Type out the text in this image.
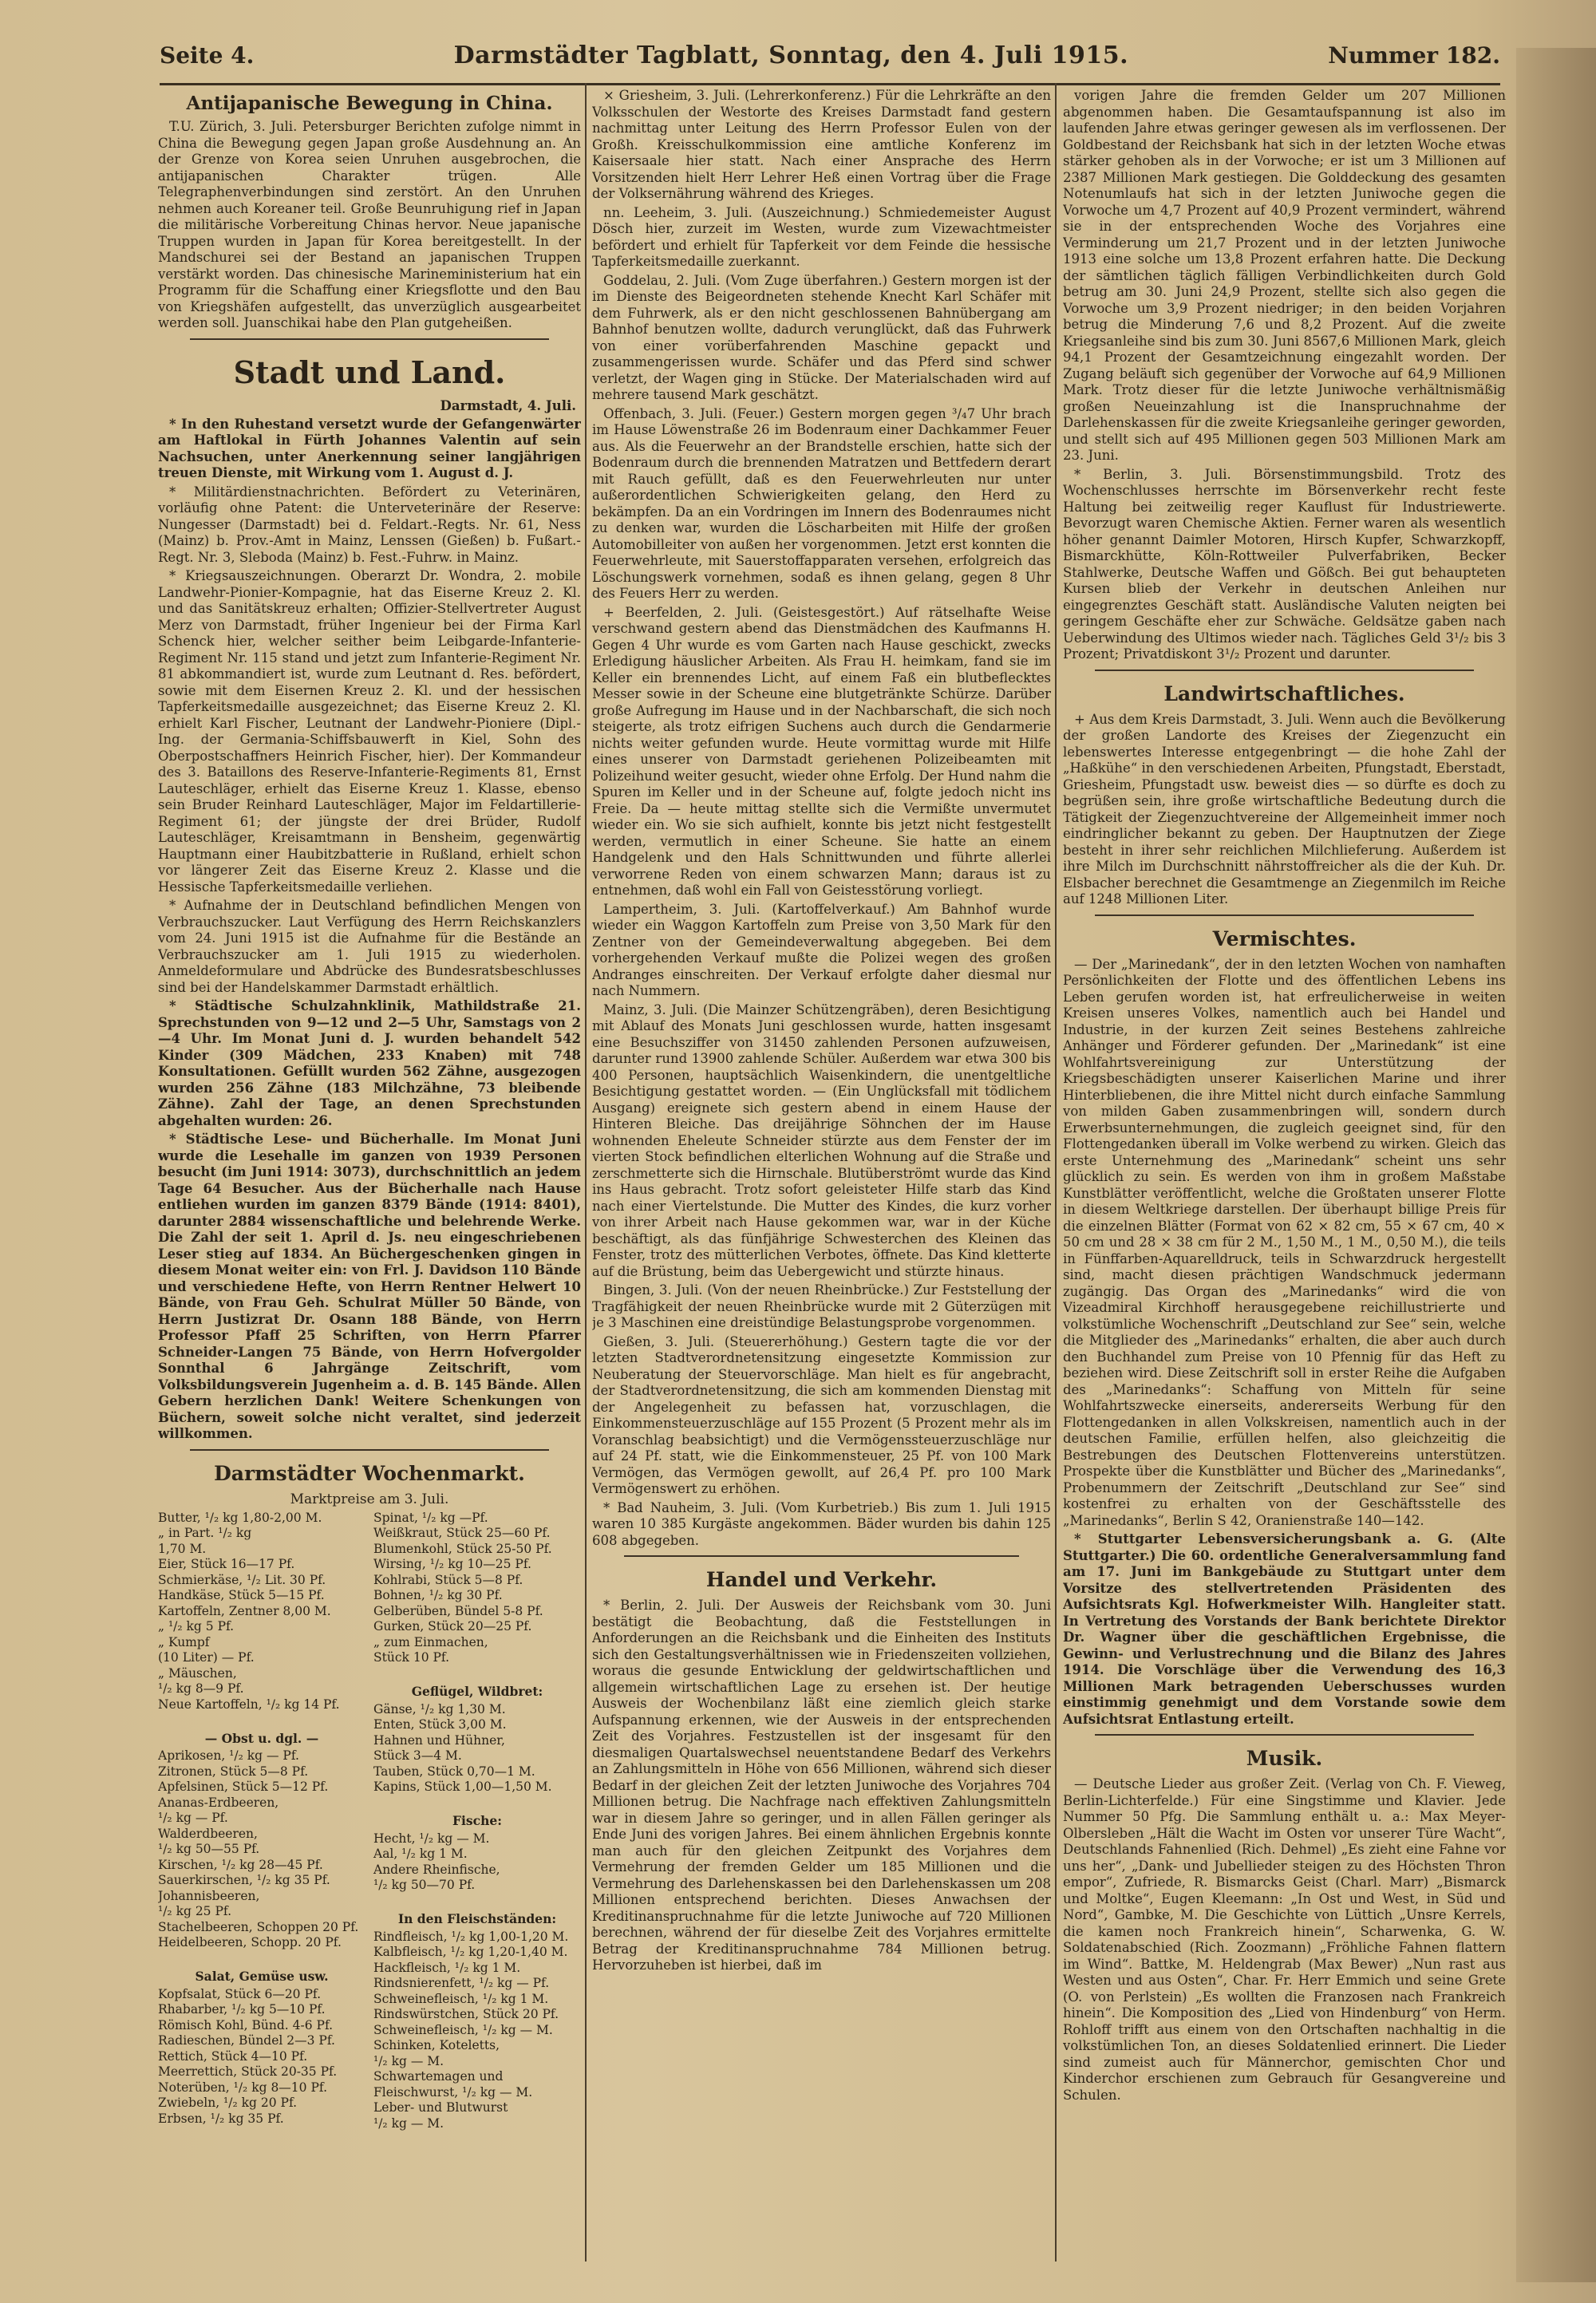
Seite 4.	Darmstädter Tagblatt, Sonntag, den 4. Juli 1915.	Nummer 182.
Antijapanische Bewegung in China.

T.U. Zürich, 3. Juli. Petersburger Berichten zufolge nimmt in China die Bewegung gegen Japan große Ausdehnung an. An der Grenze von Korea seien Unruhen ausgebrochen, die antijapanischen Charakter trügen. Alle Telegraphenverbindungen sind zerstört. An den Unruhen nehmen auch Koreaner teil. Große Beunruhigung rief in Japan die militärische Vorbereitung Chinas hervor. Neue japanische Truppen wurden in Japan für Korea bereitgestellt. In der Mandschurei sei der Bestand an japanischen Truppen verstärkt worden. Das chinesische Marineministerium hat ein Programm für die Schaffung einer Kriegsflotte und den Bau von Kriegshäfen aufgestellt, das unverzüglich ausgearbeitet werden soll. Juanschikai habe den Plan gutgeheißen.

Stadt und Land.
Darmstadt, 4. Juli.

* In den Ruhestand versetzt wurde der Gefangenwärter am Haftlokal in Fürth Johannes Valentin auf sein Nachsuchen, unter Anerkennung seiner langjährigen treuen Dienste, mit Wirkung vom 1. August d. J.

* Militärdienstnachrichten. Befördert zu Veterinären, vorläufig ohne Patent: die Unterveterinäre der Reserve: Nungesser (Darmstadt) bei d. Feldart.-Regts. Nr. 61, Ness (Mainz) b. Prov.-Amt in Mainz, Lenssen (Gießen) b. Fußart.-Regt. Nr. 3, Sleboda (Mainz) b. Fest.-Fuhrw. in Mainz.

* Kriegsauszeichnungen. Oberarzt Dr. Wondra, 2. mobile Landwehr-Pionier-Kompagnie, hat das Eiserne Kreuz 2. Kl. und das Sanitätskreuz erhalten; Offizier-Stellvertreter August Merz von Darmstadt, früher Ingenieur bei der Firma Karl Schenck hier, welcher seither beim Leibgarde-Infanterie-Regiment Nr. 115 stand und jetzt zum Infanterie-Regiment Nr. 81 abkommandiert ist, wurde zum Leutnant d. Res. befördert, sowie mit dem Eisernen Kreuz 2. Kl. und der hessischen Tapferkeitsmedaille ausgezeichnet; das Eiserne Kreuz 2. Kl. erhielt Karl Fischer, Leutnant der Landwehr-Pioniere (Dipl.-Ing. der Germania-Schiffsbauwerft in Kiel, Sohn des Oberpostschaffners Heinrich Fischer, hier). Der Kommandeur des 3. Bataillons des Reserve-Infanterie-Regiments 81, Ernst Lauteschläger, erhielt das Eiserne Kreuz 1. Klasse, ebenso sein Bruder Reinhard Lauteschläger, Major im Feldartillerie-Regiment 61; der jüngste der drei Brüder, Rudolf Lauteschläger, Kreisamtmann in Bensheim, gegenwärtig Hauptmann einer Haubitzbatterie in Rußland, erhielt schon vor längerer Zeit das Eiserne Kreuz 2. Klasse und die Hessische Tapferkeitsmedaille verliehen.

* Aufnahme der in Deutschland befindlichen Mengen von Verbrauchszucker. Laut Verfügung des Herrn Reichskanzlers vom 24. Juni 1915 ist die Aufnahme für die Bestände an Verbrauchszucker am 1. Juli 1915 zu wiederholen. Anmeldeformulare und Abdrücke des Bundesratsbeschlusses sind bei der Handelskammer Darmstadt erhältlich.

* Städtische Schulzahnklinik, Mathildstraße 21. Sprechstunden von 9—12 und 2—5 Uhr, Samstags von 2—4 Uhr. Im Monat Juni d. J. wurden behandelt 542 Kinder (309 Mädchen, 233 Knaben) mit 748 Konsultationen. Gefüllt wurden 562 Zähne, ausgezogen wurden 256 Zähne (183 Milchzähne, 73 bleibende Zähne). Zahl der Tage, an denen Sprechstunden abgehalten wurden: 26.

* Städtische Lese- und Bücherhalle. Im Monat Juni wurde die Lesehalle im ganzen von 1939 Personen besucht (im Juni 1914: 3073), durchschnittlich an jedem Tage 64 Besucher. Aus der Bücherhalle nach Hause entliehen wurden im ganzen 8379 Bände (1914: 8401), darunter 2884 wissenschaftliche und belehrende Werke. Die Zahl der seit 1. April d. Js. neu eingeschriebenen Leser stieg auf 1834. An Büchergeschenken gingen in diesem Monat weiter ein: von Frl. J. Davidson 110 Bände und verschiedene Hefte, von Herrn Rentner Helwert 10 Bände, von Frau Geh. Schulrat Müller 50 Bände, von Herrn Justizrat Dr. Osann 188 Bände, von Herrn Professor Pfaff 25 Schriften, von Herrn Pfarrer Schneider-Langen 75 Bände, von Herrn Hofvergolder Sonnthal 6 Jahrgänge Zeitschrift, vom Volksbildungsverein Jugenheim a. d. B. 145 Bände. Allen Gebern herzlichen Dank! Weitere Schenkungen von Büchern, soweit solche nicht veraltet, sind jederzeit willkommen.

Darmstädter Wochenmarkt.
Marktpreise am 3. Juli.
Butter, ¹/₂ kg 1,80-2,00 M.
„ in Part. ¹/₂ kg
1,70 M.
Eier, Stück 16—17 Pf.
Schmierkäse, ¹/₂ Lit. 30 Pf.
Handkäse, Stück 5—15 Pf.
Kartoffeln, Zentner 8,00 M.
„ ¹/₂ kg 5 Pf.
„ Kumpf
(10 Liter) — Pf.
„ Mäuschen,
¹/₂ kg 8—9 Pf.
Neue Kartoffeln, ¹/₂ kg 14 Pf.

— Obst u. dgl. —
Aprikosen, ¹/₂ kg — Pf.
Zitronen, Stück 5—8 Pf.
Apfelsinen, Stück 5—12 Pf.
Ananas-Erdbeeren,
¹/₂ kg — Pf.
Walderdbeeren,
¹/₂ kg 50—55 Pf.
Kirschen, ¹/₂ kg 28—45 Pf.
Sauerkirschen, ¹/₂ kg 35 Pf.
Johannisbeeren,
¹/₂ kg 25 Pf.
Stachelbeeren, Schoppen 20 Pf.
Heidelbeeren, Schopp. 20 Pf.

Salat, Gemüse usw.
Kopfsalat, Stück 6—20 Pf.
Rhabarber, ¹/₂ kg 5—10 Pf.
Römisch Kohl, Bünd. 4-6 Pf.
Radieschen, Bündel 2—3 Pf.
Rettich, Stück 4—10 Pf.
Meerrettich, Stück 20-35 Pf.
Noterüben, ¹/₂ kg 8—10 Pf.
Zwiebeln, ¹/₂ kg 20 Pf.
Erbsen, ¹/₂ kg 35 Pf.
Spinat, ¹/₂ kg —Pf.
Weißkraut, Stück 25—60 Pf.
Blumenkohl, Stück 25-50 Pf.
Wirsing, ¹/₂ kg 10—25 Pf.
Kohlrabi, Stück 5—8 Pf.
Bohnen, ¹/₂ kg 30 Pf.
Gelberüben, Bündel 5-8 Pf.
Gurken, Stück 20—25 Pf.
„ zum Einmachen,
Stück 10 Pf.

Geflügel, Wildbret:
Gänse, ¹/₂ kg 1,30 M.
Enten, Stück 3,00 M.
Hahnen und Hühner,
Stück 3—4 M.
Tauben, Stück 0,70—1 M.
Kapins, Stück 1,00—1,50 M.

Fische:
Hecht, ¹/₂ kg — M.
Aal, ¹/₂ kg 1 M.
Andere Rheinfische,
¹/₂ kg 50—70 Pf.

In den Fleischständen:
Rindfleisch, ¹/₂ kg 1,00-1,20 M.
Kalbfleisch, ¹/₂ kg 1,20-1,40 M.
Hackfleisch, ¹/₂ kg 1 M.
Rindsnierenfett, ¹/₂ kg — Pf.
Schweinefleisch, ¹/₂ kg 1 M.
Rindswürstchen, Stück 20 Pf.
Schweinefleisch, ¹/₂ kg — M.
Schinken, Koteletts,
¹/₂ kg — M.
Schwartemagen und
Fleischwurst, ¹/₂ kg — M.
Leber- und Blutwurst
¹/₂ kg — M.

× Griesheim, 3. Juli. (Lehrerkonferenz.) Für die Lehrkräfte an den Volksschulen der Westorte des Kreises Darmstadt fand gestern nachmittag unter Leitung des Herrn Professor Eulen von der Großh. Kreisschulkommission eine amtliche Konferenz im Kaisersaale hier statt. Nach einer Ansprache des Herrn Vorsitzenden hielt Herr Lehrer Heß einen Vortrag über die Frage der Volksernährung während des Krieges.

nn. Leeheim, 3. Juli. (Auszeichnung.) Schmiedemeister August Dösch hier, zurzeit im Westen, wurde zum Vizewachtmeister befördert und erhielt für Tapferkeit vor dem Feinde die hessische Tapferkeitsmedaille zuerkannt.

Goddelau, 2. Juli. (Vom Zuge überfahren.) Gestern morgen ist der im Dienste des Beigeordneten stehende Knecht Karl Schäfer mit dem Fuhrwerk, als er den nicht geschlossenen Bahnübergang am Bahnhof benutzen wollte, dadurch verunglückt, daß das Fuhrwerk von einer vorüberfahrenden Maschine gepackt und zusammengerissen wurde. Schäfer und das Pferd sind schwer verletzt, der Wagen ging in Stücke. Der Materialschaden wird auf mehrere tausend Mark geschätzt.

Offenbach, 3. Juli. (Feuer.) Gestern morgen gegen ³/₄7 Uhr brach im Hause Löwenstraße 26 im Bodenraum einer Dachkammer Feuer aus. Als die Feuerwehr an der Brandstelle erschien, hatte sich der Bodenraum durch die brennenden Matratzen und Bettfedern derart mit Rauch gefüllt, daß es den Feuerwehrleuten nur unter außerordentlichen Schwierigkeiten gelang, den Herd zu bekämpfen. Da an ein Vordringen im Innern des Bodenraumes nicht zu denken war, wurden die Löscharbeiten mit Hilfe der großen Automobilleiter von außen her vorgenommen. Jetzt erst konnten die Feuerwehrleute, mit Sauerstoffapparaten versehen, erfolgreich das Löschungswerk vornehmen, sodaß es ihnen gelang, gegen 8 Uhr des Feuers Herr zu werden.

+ Beerfelden, 2. Juli. (Geistesgestört.) Auf rätselhafte Weise verschwand gestern abend das Dienstmädchen des Kaufmanns H. Gegen 4 Uhr wurde es vom Garten nach Hause geschickt, zwecks Erledigung häuslicher Arbeiten. Als Frau H. heimkam, fand sie im Keller ein brennendes Licht, auf einem Faß ein blutbeflecktes Messer sowie in der Scheune eine blutgetränkte Schürze. Darüber große Aufregung im Hause und in der Nachbarschaft, die sich noch steigerte, als trotz eifrigen Suchens auch durch die Gendarmerie nichts weiter gefunden wurde. Heute vormittag wurde mit Hilfe eines unserer von Darmstadt geriehenen Polizeibeamten mit Polizeihund weiter gesucht, wieder ohne Erfolg. Der Hund nahm die Spuren im Keller und in der Scheune auf, folgte jedoch nicht ins Freie. Da — heute mittag stellte sich die Vermißte unvermutet wieder ein. Wo sie sich aufhielt, konnte bis jetzt nicht festgestellt werden, vermutlich in einer Scheune. Sie hatte an einem Handgelenk und den Hals Schnittwunden und führte allerlei verworrene Reden von einem schwarzen Mann; daraus ist zu entnehmen, daß wohl ein Fall von Geistesstörung vorliegt.

Lampertheim, 3. Juli. (Kartoffelverkauf.) Am Bahnhof wurde wieder ein Waggon Kartoffeln zum Preise von 3,50 Mark für den Zentner von der Gemeindeverwaltung abgegeben. Bei dem vorhergehenden Verkauf mußte die Polizei wegen des großen Andranges einschreiten. Der Verkauf erfolgte daher diesmal nur nach Nummern.

Mainz, 3. Juli. (Die Mainzer Schützengräben), deren Besichtigung mit Ablauf des Monats Juni geschlossen wurde, hatten insgesamt eine Besuchsziffer von 31450 zahlenden Personen aufzuweisen, darunter rund 13900 zahlende Schüler. Außerdem war etwa 300 bis 400 Personen, hauptsächlich Waisenkindern, die unentgeltliche Besichtigung gestattet worden. — (Ein Unglücksfall mit tödlichem Ausgang) ereignete sich gestern abend in einem Hause der Hinteren Bleiche. Das dreijährige Söhnchen der im Hause wohnenden Eheleute Schneider stürzte aus dem Fenster der im vierten Stock befindlichen elterlichen Wohnung auf die Straße und zerschmetterte sich die Hirnschale. Blutüberströmt wurde das Kind ins Haus gebracht. Trotz sofort geleisteter Hilfe starb das Kind nach einer Viertelstunde. Die Mutter des Kindes, die kurz vorher von ihrer Arbeit nach Hause gekommen war, war in der Küche beschäftigt, als das fünfjährige Schwesterchen des Kleinen das Fenster, trotz des mütterlichen Verbotes, öffnete. Das Kind kletterte auf die Brüstung, beim das Uebergewicht und stürzte hinaus.

Bingen, 3. Juli. (Von der neuen Rheinbrücke.) Zur Feststellung der Tragfähigkeit der neuen Rheinbrücke wurde mit 2 Güterzügen mit je 3 Maschinen eine dreistündige Belastungsprobe vorgenommen.

Gießen, 3. Juli. (Steuererhöhung.) Gestern tagte die vor der letzten Stadtverordnetensitzung eingesetzte Kommission zur Neuberatung der Steuervorschläge. Man hielt es für angebracht, der Stadtverordnetensitzung, die sich am kommenden Dienstag mit der Angelegenheit zu befassen hat, vorzuschlagen, die Einkommensteuerzuschläge auf 155 Prozent (5 Prozent mehr als im Voranschlag beabsichtigt) und die Vermögenssteuerzuschläge nur auf 24 Pf. statt, wie die Einkommensteuer, 25 Pf. von 100 Mark Vermögen, das Vermögen gewollt, auf 26,4 Pf. pro 100 Mark Vermögenswert zu erhöhen.

* Bad Nauheim, 3. Juli. (Vom Kurbetrieb.) Bis zum 1. Juli 1915 waren 10 385 Kurgäste angekommen. Bäder wurden bis dahin 125 608 abgegeben.

Handel und Verkehr.

* Berlin, 2. Juli. Der Ausweis der Reichsbank vom 30. Juni bestätigt die Beobachtung, daß die Feststellungen in Anforderungen an die Reichsbank und die Einheiten des Instituts sich den Gestaltungsverhältnissen wie in Friedenszeiten vollziehen, woraus die gesunde Entwicklung der geldwirtschaftlichen und allgemein wirtschaftlichen Lage zu ersehen ist. Der heutige Ausweis der Wochenbilanz läßt eine ziemlich gleich starke Aufspannung erkennen, wie der Ausweis in der entsprechenden Zeit des Vorjahres. Festzustellen ist der insgesamt für den diesmaligen Quartalswechsel neuentstandene Bedarf des Verkehrs an Zahlungsmitteln in Höhe von 656 Millionen, während sich dieser Bedarf in der gleichen Zeit der letzten Juniwoche des Vorjahres 704 Millionen betrug. Die Nachfrage nach effektiven Zahlungsmitteln war in diesem Jahre so geringer, und in allen Fällen geringer als Ende Juni des vorigen Jahres. Bei einem ähnlichen Ergebnis konnte man auch für den gleichen Zeitpunkt des Vorjahres dem Vermehrung der fremden Gelder um 185 Millionen und die Vermehrung des Darlehenskassen bei den Darlehenskassen um 208 Millionen entsprechend berichten. Dieses Anwachsen der Kreditinanspruchnahme für die letzte Juniwoche auf 720 Millionen berechnen, während der für dieselbe Zeit des Vorjahres ermittelte Betrag der Kreditinanspruchnahme 784 Millionen betrug. Hervorzuheben ist hierbei, daß im

vorigen Jahre die fremden Gelder um 207 Millionen abgenommen haben. Die Gesamtaufspannung ist also im laufenden Jahre etwas geringer gewesen als im verflossenen. Der Goldbestand der Reichsbank hat sich in der letzten Woche etwas stärker gehoben als in der Vorwoche; er ist um 3 Millionen auf 2387 Millionen Mark gestiegen. Die Golddeckung des gesamten Notenumlaufs hat sich in der letzten Juniwoche gegen die Vorwoche um 4,7 Prozent auf 40,9 Prozent vermindert, während sie in der entsprechenden Woche des Vorjahres eine Verminderung um 21,7 Prozent und in der letzten Juniwoche 1913 eine solche um 13,8 Prozent erfahren hatte. Die Deckung der sämtlichen täglich fälligen Verbindlichkeiten durch Gold betrug am 30. Juni 24,9 Prozent, stellte sich also gegen die Vorwoche um 3,9 Prozent niedriger; in den beiden Vorjahren betrug die Minderung 7,6 und 8,2 Prozent. Auf die zweite Kriegsanleihe sind bis zum 30. Juni 8567,6 Millionen Mark, gleich 94,1 Prozent der Gesamtzeichnung eingezahlt worden. Der Zugang beläuft sich gegenüber der Vorwoche auf 64,9 Millionen Mark. Trotz dieser für die letzte Juniwoche verhältnismäßig großen Neueinzahlung ist die Inanspruchnahme der Darlehenskassen für die zweite Kriegsanleihe geringer geworden, und stellt sich auf 495 Millionen gegen 503 Millionen Mark am 23. Juni.

* Berlin, 3. Juli. Börsenstimmungsbild. Trotz des Wochenschlusses herrschte im Börsenverkehr recht feste Haltung bei zeitweilig reger Kauflust für Industriewerte. Bevorzugt waren Chemische Aktien. Ferner waren als wesentlich höher genannt Daimler Motoren, Hirsch Kupfer, Schwarzkopff, Bismarckhütte, Köln-Rottweiler Pulverfabriken, Becker Stahlwerke, Deutsche Waffen und Gößch. Bei gut behaupteten Kursen blieb der Verkehr in deutschen Anleihen nur eingegrenztes Geschäft statt. Ausländische Valuten neigten bei geringem Geschäfte eher zur Schwäche. Geldsätze gaben nach Ueberwindung des Ultimos wieder nach. Tägliches Geld 3¹/₂ bis 3 Prozent; Privatdiskont 3¹/₂ Prozent und darunter.

Landwirtschaftliches.

+ Aus dem Kreis Darmstadt, 3. Juli. Wenn auch die Bevölkerung der großen Landorte des Kreises der Ziegenzucht ein lebenswertes Interesse entgegenbringt — die hohe Zahl der „Haßkühe“ in den verschiedenen Arbeiten, Pfungstadt, Eberstadt, Griesheim, Pfungstadt usw. beweist dies — so dürfte es doch zu begrüßen sein, ihre große wirtschaftliche Bedeutung durch die Tätigkeit der Ziegenzuchtvereine der Allgemeinheit immer noch eindringlicher bekannt zu geben. Der Hauptnutzen der Ziege besteht in ihrer sehr reichlichen Milchlieferung. Außerdem ist ihre Milch im Durchschnitt nährstoffreicher als die der Kuh. Dr. Elsbacher berechnet die Gesamtmenge an Ziegenmilch im Reiche auf 1248 Millionen Liter.

Vermischtes.

— Der „Marinedank“, der in den letzten Wochen von namhaften Persönlichkeiten der Flotte und des öffentlichen Lebens ins Leben gerufen worden ist, hat erfreulicherweise in weiten Kreisen unseres Volkes, namentlich auch bei Handel und Industrie, in der kurzen Zeit seines Bestehens zahlreiche Anhänger und Förderer gefunden. Der „Marinedank“ ist eine Wohlfahrtsvereinigung zur Unterstützung der Kriegsbeschädigten unserer Kaiserlichen Marine und ihrer Hinterbliebenen, die ihre Mittel nicht durch einfache Sammlung von milden Gaben zusammenbringen will, sondern durch Erwerbsunternehmungen, die zugleich geeignet sind, für den Flottengedanken überall im Volke werbend zu wirken. Gleich das erste Unternehmung des „Marinedank“ scheint uns sehr glücklich zu sein. Es werden von ihm in großem Maßstabe Kunstblätter veröffentlicht, welche die Großtaten unserer Flotte in diesem Weltkriege darstellen. Der überhaupt billige Preis für die einzelnen Blätter (Format von 62 × 82 cm, 55 × 67 cm, 40 × 50 cm und 28 × 38 cm für 2 M., 1,50 M., 1 M., 0,50 M.), die teils in Fünffarben-Aquarelldruck, teils in Schwarzdruck hergestellt sind, macht diesen prächtigen Wandschmuck jedermann zugängig. Das Organ des „Marinedanks“ wird die von Vizeadmiral Kirchhoff herausgegebene reichillustrierte und volkstümliche Wochenschrift „Deutschland zur See“ sein, welche die Mitglieder des „Marinedanks“ erhalten, die aber auch durch den Buchhandel zum Preise von 10 Pfennig für das Heft zu beziehen wird. Diese Zeitschrift soll in erster Reihe die Aufgaben des „Marinedanks“: Schaffung von Mitteln für seine Wohlfahrtszwecke einerseits, andererseits Werbung für den Flottengedanken in allen Volkskreisen, namentlich auch in der deutschen Familie, erfüllen helfen, also gleichzeitig die Bestrebungen des Deutschen Flottenvereins unterstützen. Prospekte über die Kunstblätter und Bücher des „Marinedanks“, Probenummern der Zeitschrift „Deutschland zur See“ sind kostenfrei zu erhalten von der Geschäftsstelle des „Marinedanks“, Berlin S 42, Oranienstraße 140—142.

* Stuttgarter Lebensversicherungsbank a. G. (Alte Stuttgarter.) Die 60. ordentliche Generalversammlung fand am 17. Juni im Bankgebäude zu Stuttgart unter dem Vorsitze des stellvertretenden Präsidenten des Aufsichtsrats Kgl. Hofwerkmeister Wilh. Hangleiter statt. In Vertretung des Vorstands der Bank berichtete Direktor Dr. Wagner über die geschäftlichen Ergebnisse, die Gewinn- und Verlustrechnung und die Bilanz des Jahres 1914. Die Vorschläge über die Verwendung des 16,3 Millionen Mark betragenden Ueberschusses wurden einstimmig genehmigt und dem Vorstande sowie dem Aufsichtsrat Entlastung erteilt.

Musik.

— Deutsche Lieder aus großer Zeit. (Verlag von Ch. F. Vieweg, Berlin-Lichterfelde.) Für eine Singstimme und Klavier. Jede Nummer 50 Pfg. Die Sammlung enthält u. a.: Max Meyer-Olbersleben „Hält die Wacht im Osten vor unserer Türe Wacht“, Deutschlands Fahnenlied (Rich. Dehmel) „Es zieht eine Fahne vor uns her“, „Dank- und Jubellieder steigen zu des Höchsten Thron empor“, Zufriede, R. Bismarcks Geist (Charl. Marr) „Bismarck und Moltke“, Eugen Kleemann: „In Ost und West, in Süd und Nord“, Gambke, M. Die Geschichte von Lüttich „Unsre Kerrels, die kamen noch Frankreich hinein“, Scharwenka, G. W. Soldatenabschied (Rich. Zoozmann) „Fröhliche Fahnen flattern im Wind“. Battke, M. Heldengrab (Max Bewer) „Nun rast aus Westen und aus Osten“, Char. Fr. Herr Emmich und seine Grete (O. von Perlstein) „Es wollten die Franzosen nach Frankreich hinein“. Die Komposition des „Lied von Hindenburg“ von Herm. Rohloff trifft aus einem von den Ortschaften nachhaltig in die volkstümlichen Ton, an dieses Soldatenlied erinnert. Die Lieder sind zumeist auch für Männerchor, gemischten Chor und Kinderchor erschienen zum Gebrauch für Gesangvereine und Schulen.
